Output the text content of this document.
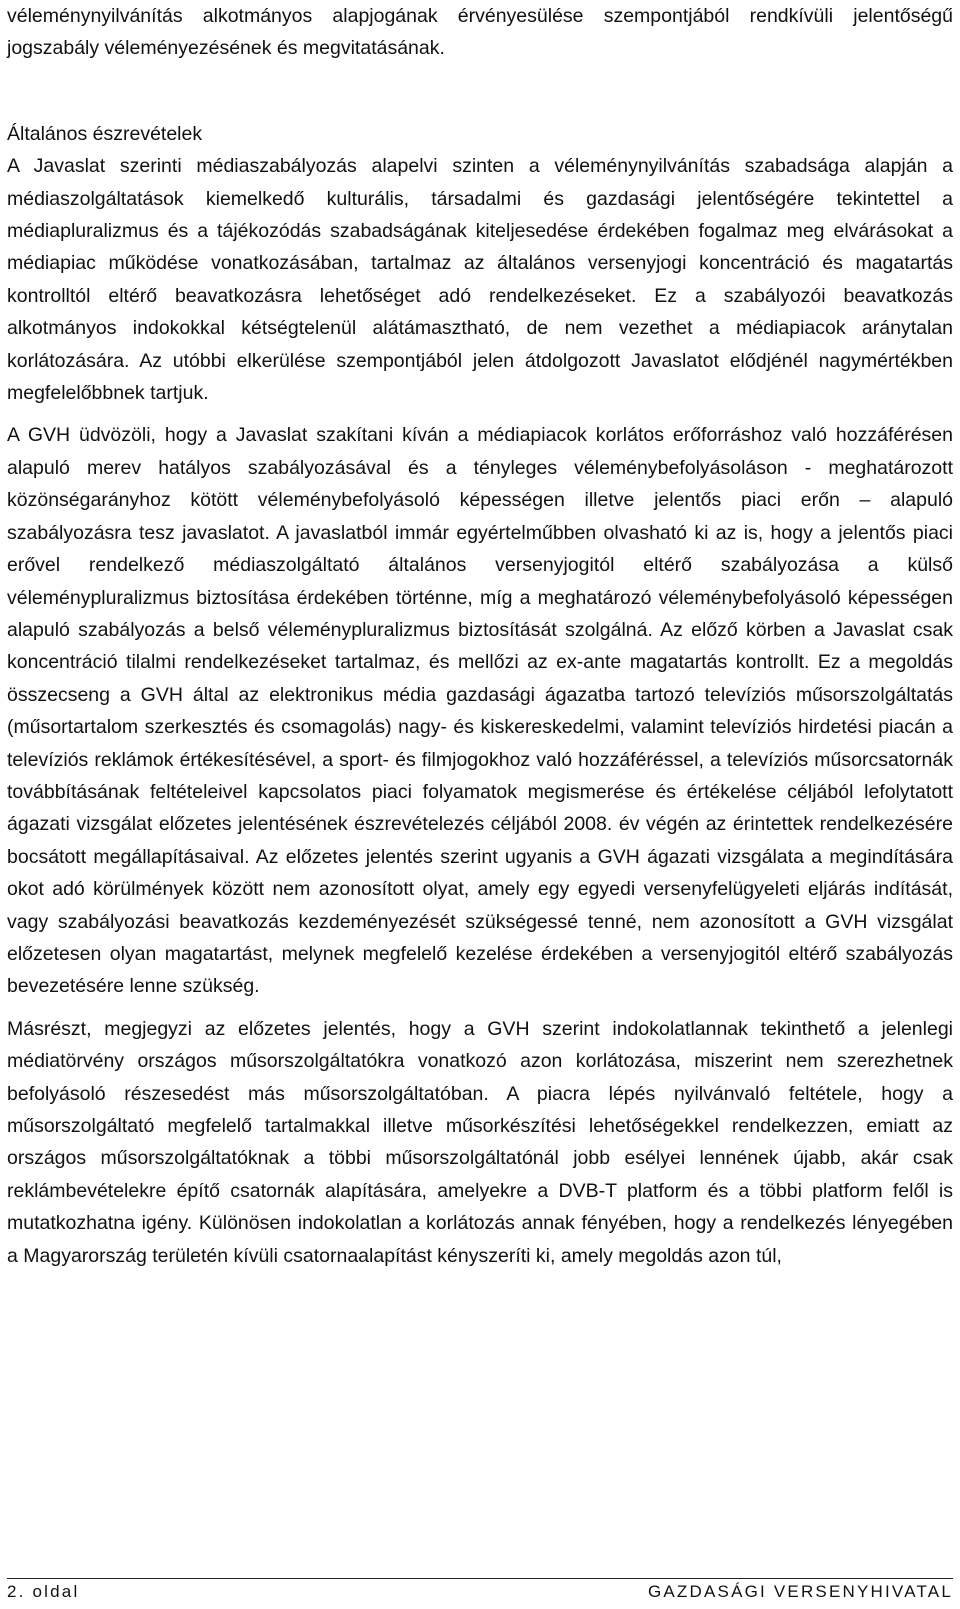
véleménynyilvánítás alkotmányos alapjogának érvényesülése szempontjából rendkívüli jelentőségű jogszabály véleményezésének és megvitatásának.

Általános észrevételek

A Javaslat szerinti médiaszabályozás alapelvi szinten a véleménynyilvánítás szabadsága alapján a médiaszolgáltatások kiemelkedő kulturális, társadalmi és gazdasági jelentőségére tekintettel a médiapluralizmus és a tájékozódás szabadságának kiteljesedése érdekében fogalmaz meg elvárásokat a médiapiac működése vonatkozásában, tartalmaz az általános versenyjogi koncentráció és magatartás kontrolltól eltérő beavatkozásra lehetőséget adó rendelkezéseket. Ez a szabályozói beavatkozás alkotmányos indokokkal kétségtelenül alátámasztható, de nem vezethet a médiapiacok aránytalan korlátozására. Az utóbbi elkerülése szempontjából jelen átdolgozott Javaslatot elődjénél nagymértékben megfelelőbbnek tartjuk.

A GVH üdvözöli, hogy a Javaslat szakítani kíván a médiapiacok korlátos erőforráshoz való hozzáférésen alapuló merev hatályos szabályozásával és a tényleges véleménybefolyásoláson - meghatározott közönségarányhoz kötött véleménybefolyásoló képességen illetve jelentős piaci erőn – alapuló szabályozásra tesz javaslatot. A javaslatból immár egyértelműbben olvasható ki az is, hogy a jelentős piaci erővel rendelkező médiaszolgáltató általános versenyjogitól eltérő szabályozása a külső véleménypluralizmus biztosítása érdekében történne, míg a meghatározó véleménybefolyásoló képességen alapuló szabályozás a belső véleménypluralizmus biztosítását szolgálná. Az előző körben a Javaslat csak koncentráció tilalmi rendelkezéseket tartalmaz, és mellőzi az ex-ante magatartás kontrollt. Ez a megoldás összecseng a GVH által az elektronikus média gazdasági ágazatba tartozó televíziós műsorszolgáltatás (műsortartalom szerkesztés és csomagolás) nagy- és kiskereskedelmi, valamint televíziós hirdetési piacán a televíziós reklámok értékesítésével, a sport- és filmjogokhoz való hozzáféréssel, a televíziós műsorcsatornák továbbításának feltételeivel kapcsolatos piaci folyamatok megismerése és értékelése céljából lefolytatott ágazati vizsgálat előzetes jelentésének észrevételezés céljából 2008. év végén az érintettek rendelkezésére bocsátott megállapításaival. Az előzetes jelentés szerint ugyanis a GVH ágazati vizsgálata a megindítására okot adó körülmények között nem azonosított olyat, amely egy egyedi versenyfelügyeleti eljárás indítását, vagy szabályozási beavatkozás kezdeményezését szükségessé tenné, nem azonosított a GVH vizsgálat előzetesen olyan magatartást, melynek megfelelő kezelése érdekében a versenyjogitól eltérő szabályozás bevezetésére lenne szükség.

Másrészt, megjegyzi az előzetes jelentés, hogy a GVH szerint indokolatlannak tekinthető a jelenlegi médiatörvény országos műsorszolgáltatókra vonatkozó azon korlátozása, miszerint nem szerezhetnek befolyásoló részesedést más műsorszolgáltatóban. A piacra lépés nyilvánvaló feltétele, hogy a műsorszolgáltató megfelelő tartalmakkal illetve műsorkészítési lehetőségekkel rendelkezzen, emiatt az országos műsorszolgáltatóknak a többi műsorszolgáltatónál jobb esélyei lennének újabb, akár csak reklámbevételekre építő csatornák alapítására, amelyekre a DVB-T platform és a többi platform felől is mutatkozhatna igény. Különösen indokolatlan a korlátozás annak fényében, hogy a rendelkezés lényegében a Magyarország területén kívüli csatornaalapítást kényszeríti ki, amely megoldás azon túl,

2. oldal	GAZDASÁGI VERSENYHIVATAL
